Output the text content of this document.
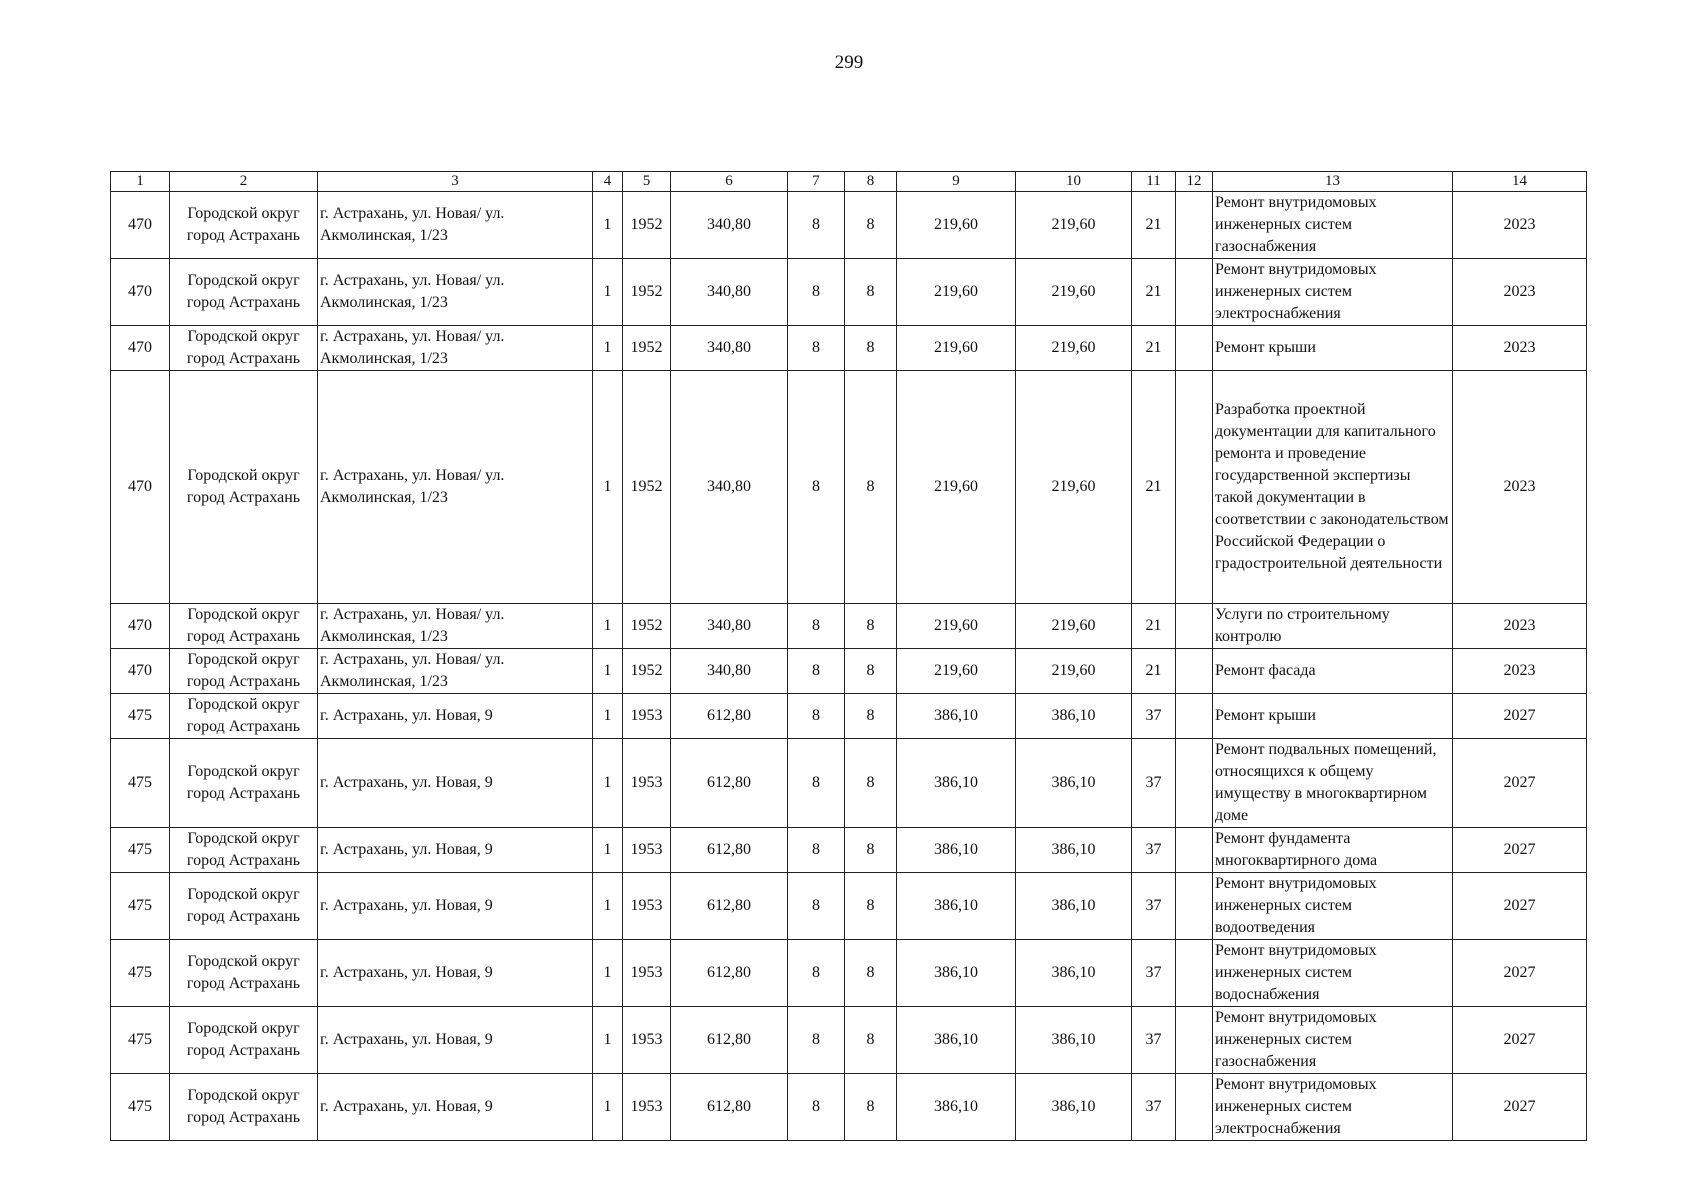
299
1	2	3	4	5	6	7	8	9	10	11	12	13	14
470	Городской округ город Астрахань	г. Астрахань, ул. Новая/ ул. Акмолинская, 1/23	1	1952	340,80	8	8	219,60	219,60	21		Ремонт внутридомовых инженерных систем газоснабжения	2023
470	Городской округ город Астрахань	г. Астрахань, ул. Новая/ ул. Акмолинская, 1/23	1	1952	340,80	8	8	219,60	219,60	21		Ремонт внутридомовых инженерных систем электроснабжения	2023
470	Городской округ город Астрахань	г. Астрахань, ул. Новая/ ул. Акмолинская, 1/23	1	1952	340,80	8	8	219,60	219,60	21		Ремонт крыши	2023
470	Городской округ город Астрахань	г. Астрахань, ул. Новая/ ул. Акмолинская, 1/23	1	1952	340,80	8	8	219,60	219,60	21		Разработка проектной документации для капитального ремонта и проведение государственной экспертизы такой документации в соответствии с законодательством Российской Федерации о градостроительной деятельности	2023
470	Городской округ город Астрахань	г. Астрахань, ул. Новая/ ул. Акмолинская, 1/23	1	1952	340,80	8	8	219,60	219,60	21		Услуги по строительному контролю	2023
470	Городской округ город Астрахань	г. Астрахань, ул. Новая/ ул. Акмолинская, 1/23	1	1952	340,80	8	8	219,60	219,60	21		Ремонт фасада	2023
475	Городской округ город Астрахань	г. Астрахань, ул. Новая, 9	1	1953	612,80	8	8	386,10	386,10	37		Ремонт крыши	2027
475	Городской округ город Астрахань	г. Астрахань, ул. Новая, 9	1	1953	612,80	8	8	386,10	386,10	37		Ремонт подвальных помещений, относящихся к общему имуществу в многоквартирном доме	2027
475	Городской округ город Астрахань	г. Астрахань, ул. Новая, 9	1	1953	612,80	8	8	386,10	386,10	37		Ремонт фундамента многоквартирного дома	2027
475	Городской округ город Астрахань	г. Астрахань, ул. Новая, 9	1	1953	612,80	8	8	386,10	386,10	37		Ремонт внутридомовых инженерных систем водоотведения	2027
475	Городской округ город Астрахань	г. Астрахань, ул. Новая, 9	1	1953	612,80	8	8	386,10	386,10	37		Ремонт внутридомовых инженерных систем водоснабжения	2027
475	Городской округ город Астрахань	г. Астрахань, ул. Новая, 9	1	1953	612,80	8	8	386,10	386,10	37		Ремонт внутридомовых инженерных систем газоснабжения	2027
475	Городской округ город Астрахань	г. Астрахань, ул. Новая, 9	1	1953	612,80	8	8	386,10	386,10	37		Ремонт внутридомовых инженерных систем электроснабжения	2027
